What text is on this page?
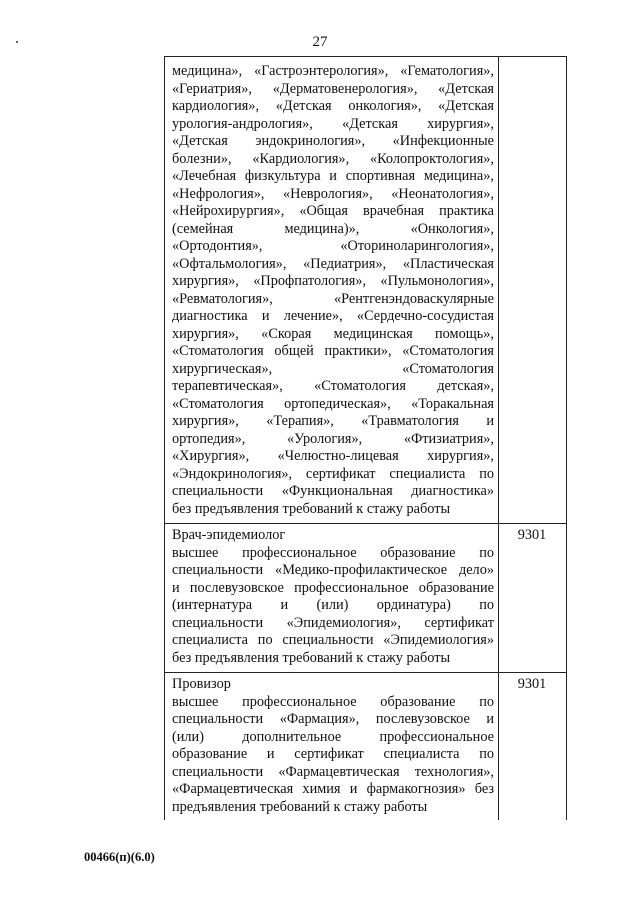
27
медицина», «Гастроэнтерология», «Гематология»,
«Гериатрия», «Дерматовенерология», «Детская
кардиология», «Детская онкология», «Детская
урология-андрология», «Детская хирургия»,
«Детская эндокринология», «Инфекционные
болезни», «Кардиология», «Колопроктология»,
«Лечебная физкультура и спортивная медицина»,
«Нефрология», «Неврология», «Неонатология»,
«Нейрохирургия», «Общая врачебная практика
(семейная медицина)», «Онкология»,
«Ортодонтия», «Оториноларингология»,
«Офтальмология», «Педиатрия», «Пластическая
хирургия», «Профпатология», «Пульмонология»,
«Ревматология», «Рентгенэндоваскулярные
диагностика и лечение», «Сердечно-сосудистая
хирургия», «Скорая медицинская помощь»,
«Стоматология общей практики», «Стоматология
хирургическая», «Стоматология
терапевтическая», «Стоматология детская»,
«Стоматология ортопедическая», «Торакальная
хирургия», «Терапия», «Травматология и
ортопедия», «Урология», «Фтизиатрия»,
«Хирургия», «Челюстно-лицевая хирургия»,
«Эндокринология», сертификат специалиста по
специальности «Функциональная диагностика»
без предъявления требований к стажу работы
Врач-эпидемиолог
высшее профессиональное образование по
специальности «Медико-профилактическое дело»
и послевузовское профессиональное образование
(интернатура и (или) ординатура) по
специальности «Эпидемиология», сертификат
специалиста по специальности «Эпидемиология»
без предъявления требований к стажу работы
9301
Провизор
высшее профессиональное образование по
специальности «Фармация», послевузовское и
(или) дополнительное профессиональное
образование и сертификат специалиста по
специальности «Фармацевтическая технология»,
«Фармацевтическая химия и фармакогнозия» без
предъявления требований к стажу работы
9301
00466(п)(6.0)
